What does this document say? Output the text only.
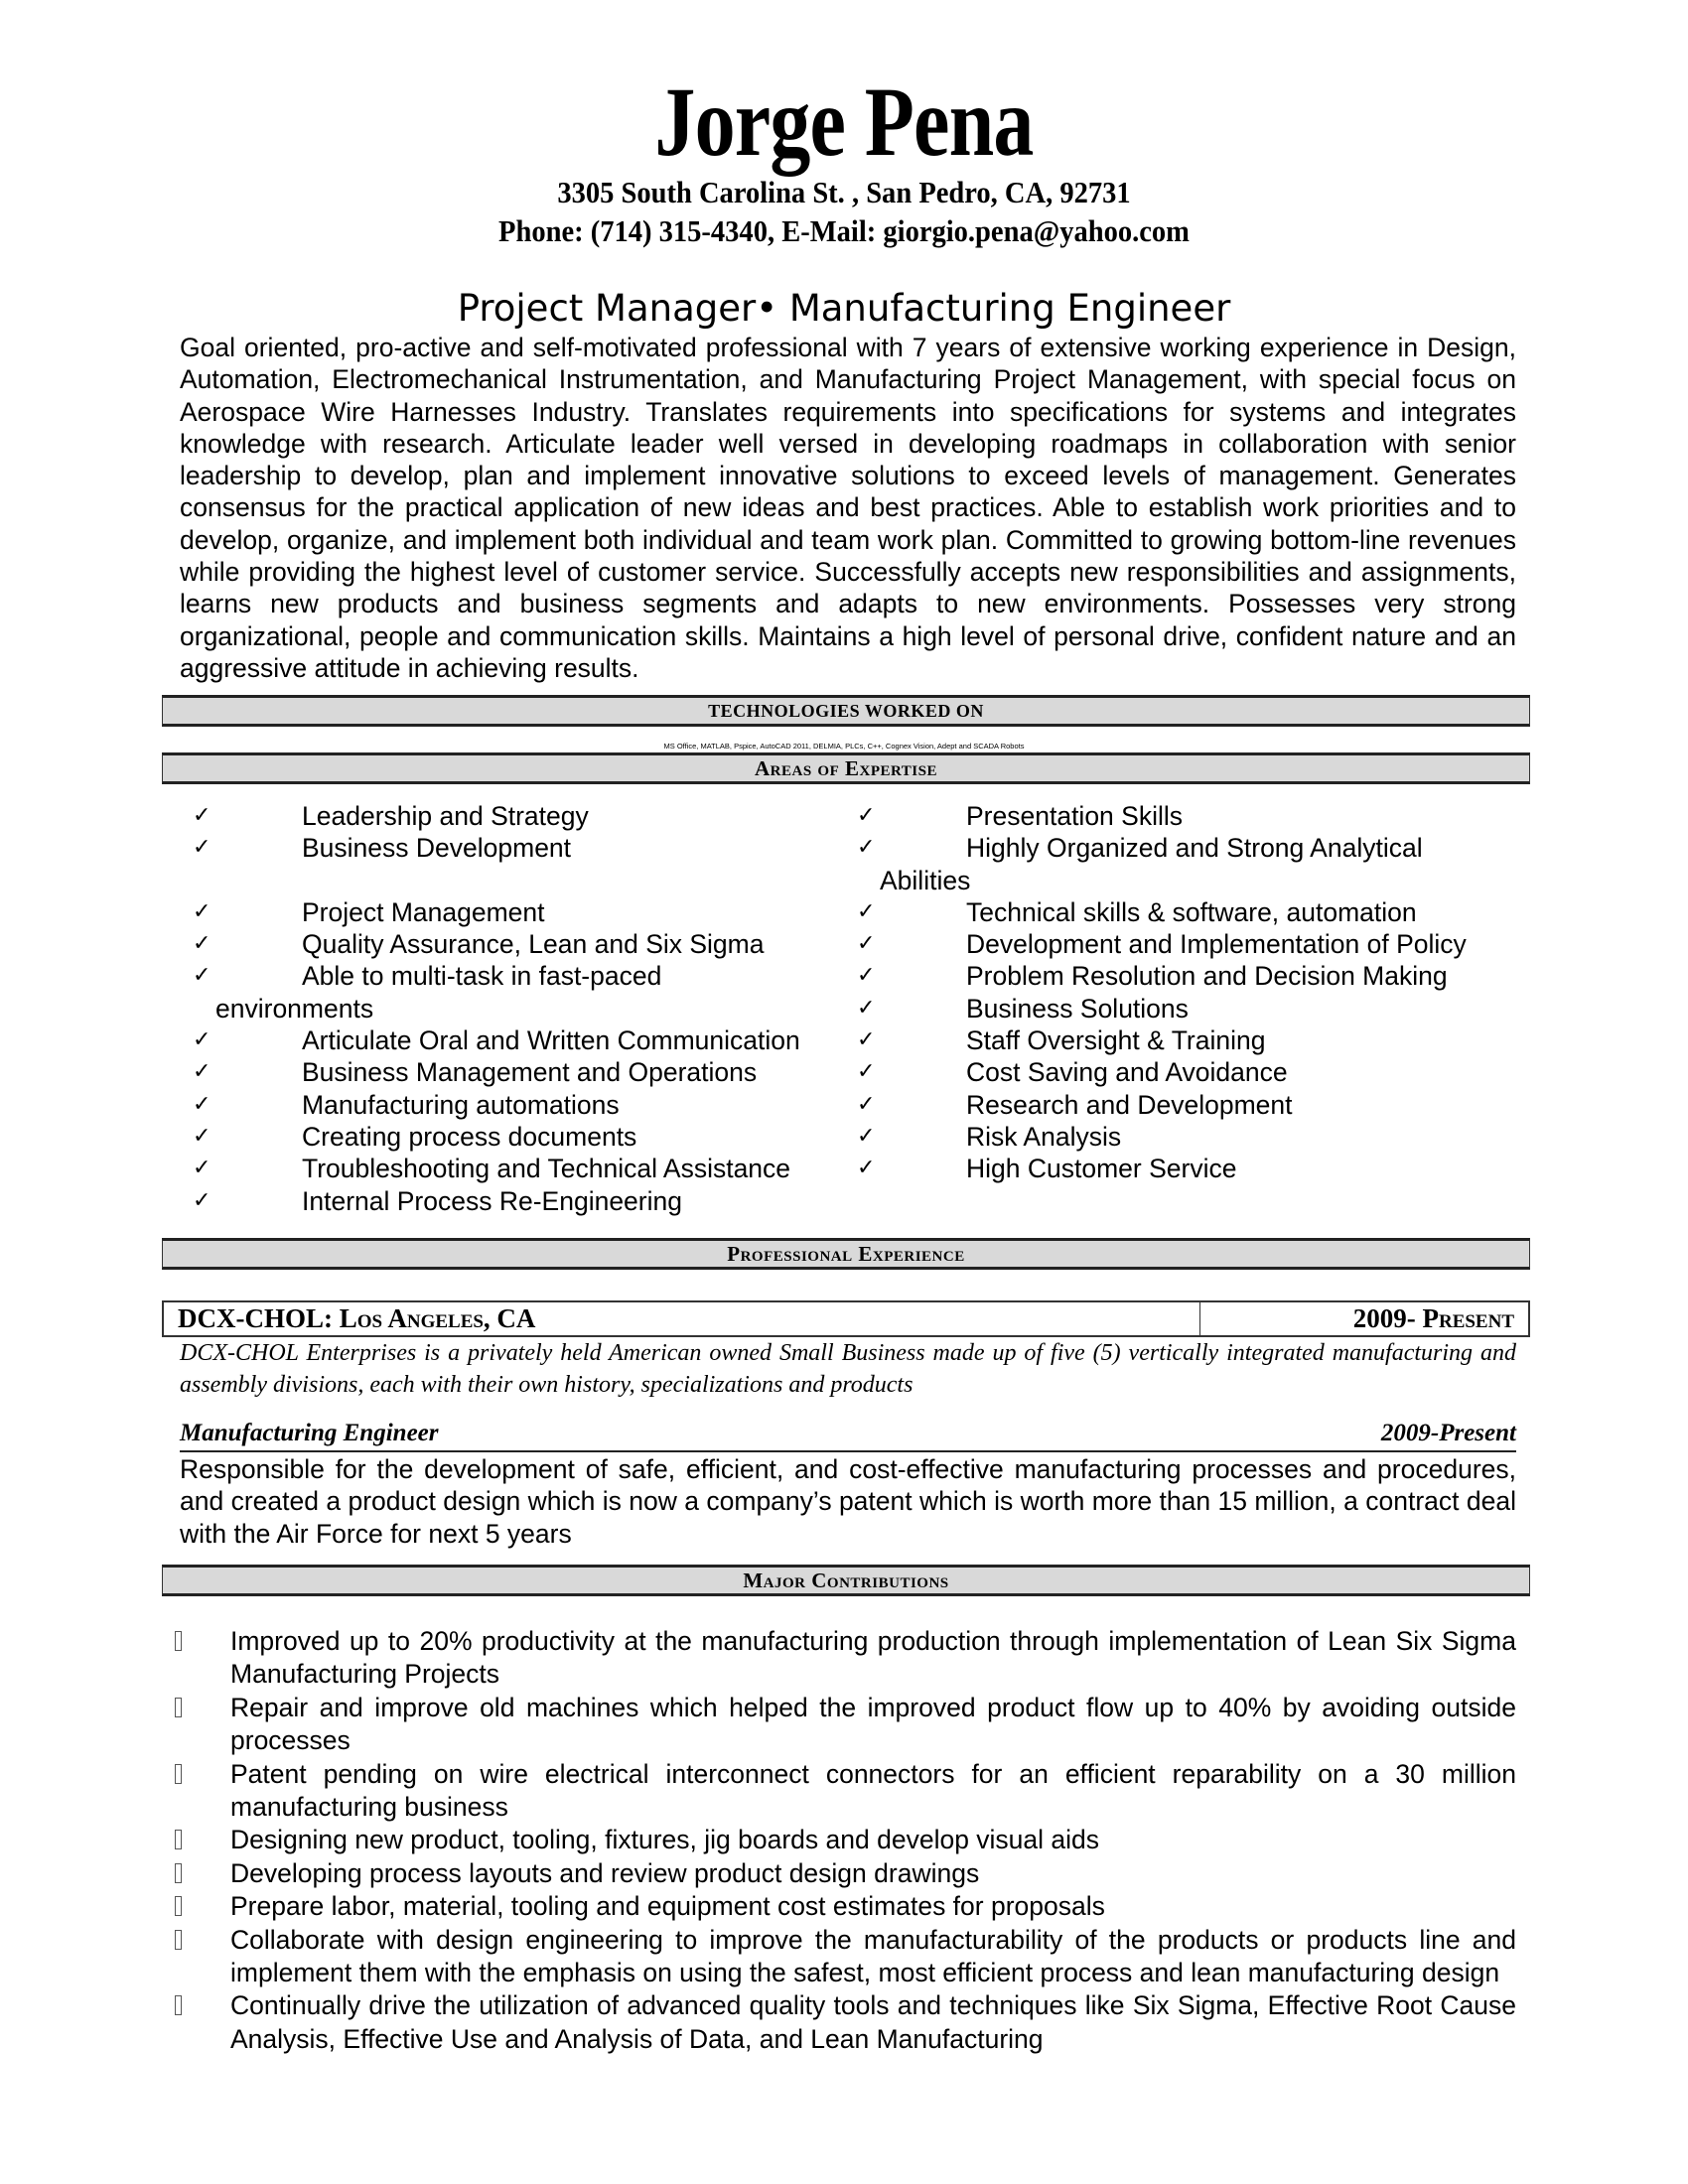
Jorge Pena
3305 South Carolina St. , San Pedro, CA, 92731
Phone: (714) 315-4340, E-Mail: giorgio.pena@yahoo.com
Project Manager• Manufacturing Engineer
Goal oriented, pro-active and self-motivated professional with 7 years of extensive working experience in Design, Automation, Electromechanical Instrumentation, and Manufacturing Project Management, with special focus on Aerospace Wire Harnesses Industry. Translates requirements into specifications for systems and integrates knowledge with research. Articulate leader well versed in developing roadmaps in collaboration with senior leadership to develop, plan and implement innovative solutions to exceed levels of management. Generates consensus for the practical application of new ideas and best practices. Able to establish work priorities and to develop, organize, and implement both individual and team work plan. Committed to growing bottom-line revenues while providing the highest level of customer service. Successfully accepts new responsibilities and assignments, learns new products and business segments and adapts to new environments. Possesses very strong organizational, people and communication skills. Maintains a high level of personal drive, confident nature and an aggressive attitude in achieving results.
TECHNOLOGIES WORKED ON
MS Office, MATLAB, Pspice, AutoCAD 2011, DELMIA, PLCs, C++, Cognex Vision, Adept and SCADA Robots
Areas of Expertise
✓	Leadership and Strategy
✓	Business Development
✓	Project Management
✓	Quality Assurance, Lean and Six Sigma
✓	Able to multi-task in fast-paced
environments
✓	Articulate Oral and Written Communication
✓	Business Management and Operations
✓	Manufacturing automations
✓	Creating process documents
✓	Troubleshooting and Technical Assistance
✓	Internal Process Re-Engineering
✓	Presentation Skills
✓	Highly Organized and Strong Analytical
Abilities
✓	Technical skills & software, automation
✓	Development and Implementation of Policy
✓	Problem Resolution and Decision Making
✓	Business Solutions
✓	Staff Oversight & Training
✓	Cost Saving and Avoidance
✓	Research and Development
✓	Risk Analysis
✓	High Customer Service
Professional Experience
DCX-CHOL: Los Angeles, CA	2009- Present
DCX-CHOL Enterprises is a privately held American owned Small Business made up of five (5) vertically integrated manufacturing and assembly divisions, each with their own history, specializations and products
Manufacturing Engineer	2009-Present
Responsible for the development of safe, efficient, and cost-effective manufacturing processes and procedures, and created a product design which is now a company’s patent which is worth more than 15 million, a contract deal with the Air Force for next 5 years
Major Contributions
Improved up to 20% productivity at the manufacturing production through implementation of Lean Six Sigma Manufacturing Projects
Repair and improve old machines which helped the improved product flow up to 40% by avoiding outside processes
Patent pending on wire electrical interconnect connectors for an efficient reparability on a 30 million manufacturing business
Designing new product, tooling, fixtures, jig boards and develop visual aids
Developing process layouts and review product design drawings
Prepare labor, material, tooling and equipment cost estimates for proposals
Collaborate with design engineering to improve the manufacturability of the products or products line and implement them with the emphasis on using the safest, most efficient process and lean manufacturing design
Continually drive the utilization of advanced quality tools and techniques like Six Sigma, Effective Root Cause Analysis, Effective Use and Analysis of Data, and Lean Manufacturing
